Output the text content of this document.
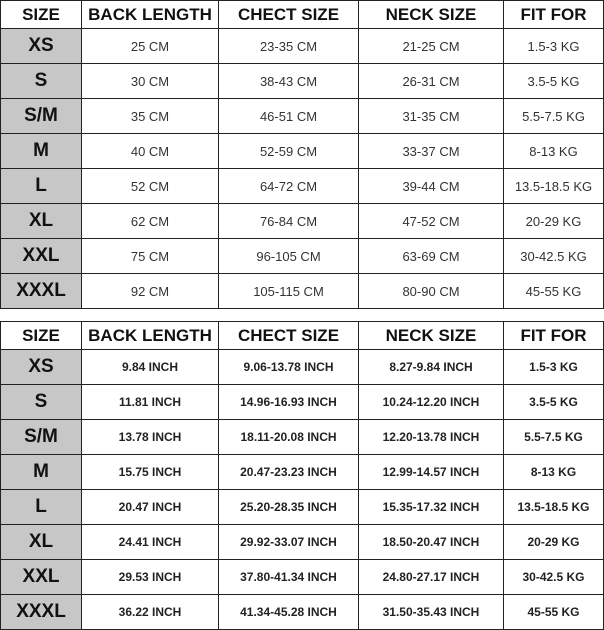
SIZE	BACK LENGTH	CHECT SIZE	NECK SIZE	FIT FOR
XS	25 CM	23-35 CM	21-25 CM	1.5-3 KG
S	30 CM	38-43 CM	26-31 CM	3.5-5 KG
S/M	35 CM	46-51 CM	31-35 CM	5.5-7.5 KG
M	40 CM	52-59 CM	33-37 CM	8-13 KG
L	52 CM	64-72 CM	39-44 CM	13.5-18.5 KG
XL	62 CM	76-84 CM	47-52 CM	20-29 KG
XXL	75 CM	96-105 CM	63-69 CM	30-42.5 KG
XXXL	92 CM	105-115 CM	80-90 CM	45-55 KG
SIZE	BACK LENGTH	CHECT SIZE	NECK SIZE	FIT FOR
XS	9.84 INCH	9.06-13.78 INCH	8.27-9.84 INCH	1.5-3 KG
S	11.81 INCH	14.96-16.93 INCH	10.24-12.20 INCH	3.5-5 KG
S/M	13.78 INCH	18.11-20.08 INCH	12.20-13.78 INCH	5.5-7.5 KG
M	15.75 INCH	20.47-23.23 INCH	12.99-14.57 INCH	8-13 KG
L	20.47 INCH	25.20-28.35 INCH	15.35-17.32 INCH	13.5-18.5 KG
XL	24.41 INCH	29.92-33.07 INCH	18.50-20.47 INCH	20-29 KG
XXL	29.53 INCH	37.80-41.34 INCH	24.80-27.17 INCH	30-42.5 KG
XXXL	36.22 INCH	41.34-45.28 INCH	31.50-35.43 INCH	45-55 KG
